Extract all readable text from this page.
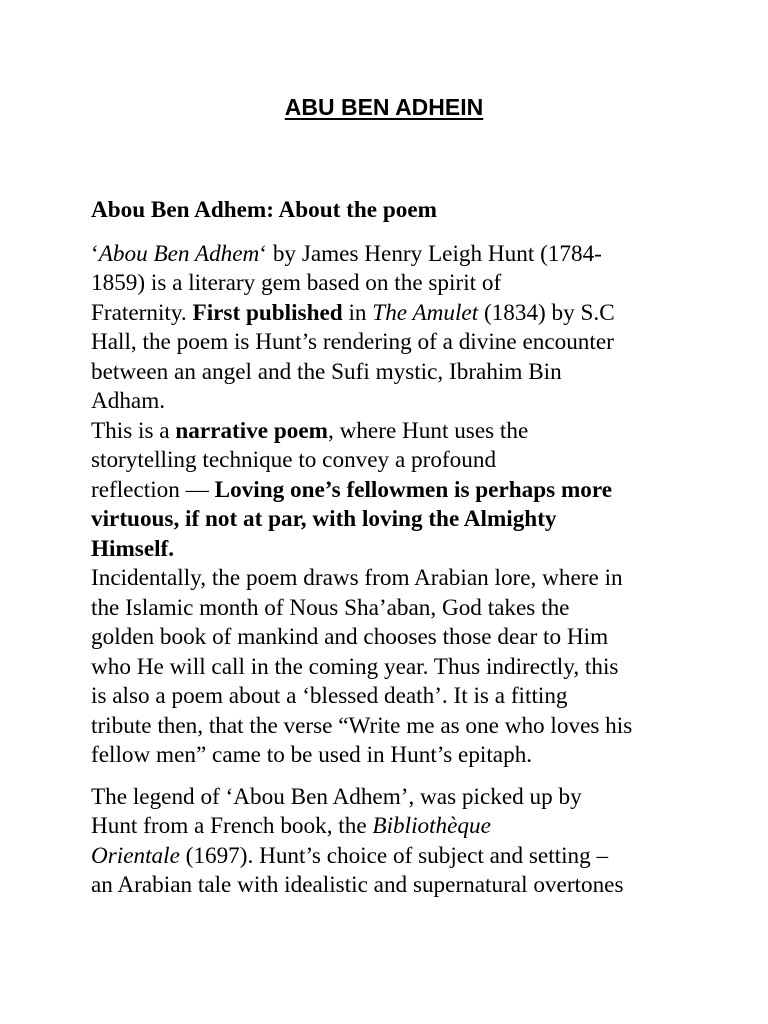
ABU BEN ADHEIN

Abou Ben Adhem: About the poem

‘Abou Ben Adhem‘ by James Henry Leigh Hunt (1784-
1859) is a literary gem based on the spirit of
Fraternity. First published in The Amulet (1834) by S.C
Hall, the poem is Hunt’s rendering of a divine encounter
between an angel and the Sufi mystic, Ibrahim Bin
Adham.

This is a narrative poem, where Hunt uses the
storytelling technique to convey a profound
reflection — Loving one’s fellowmen is perhaps more
virtuous, if not at par, with loving the Almighty
Himself.

Incidentally, the poem draws from Arabian lore, where in
the Islamic month of Nous Sha’aban, God takes the
golden book of mankind and chooses those dear to Him
who He will call in the coming year. Thus indirectly, this
is also a poem about a ‘blessed death’. It is a fitting
tribute then, that the verse “Write me as one who loves his
fellow men” came to be used in Hunt’s epitaph.

The legend of ‘Abou Ben Adhem’, was picked up by
Hunt from a French book, the Bibliothèque
Orientale (1697). Hunt’s choice of subject and setting –
an Arabian tale with idealistic and supernatural overtones
